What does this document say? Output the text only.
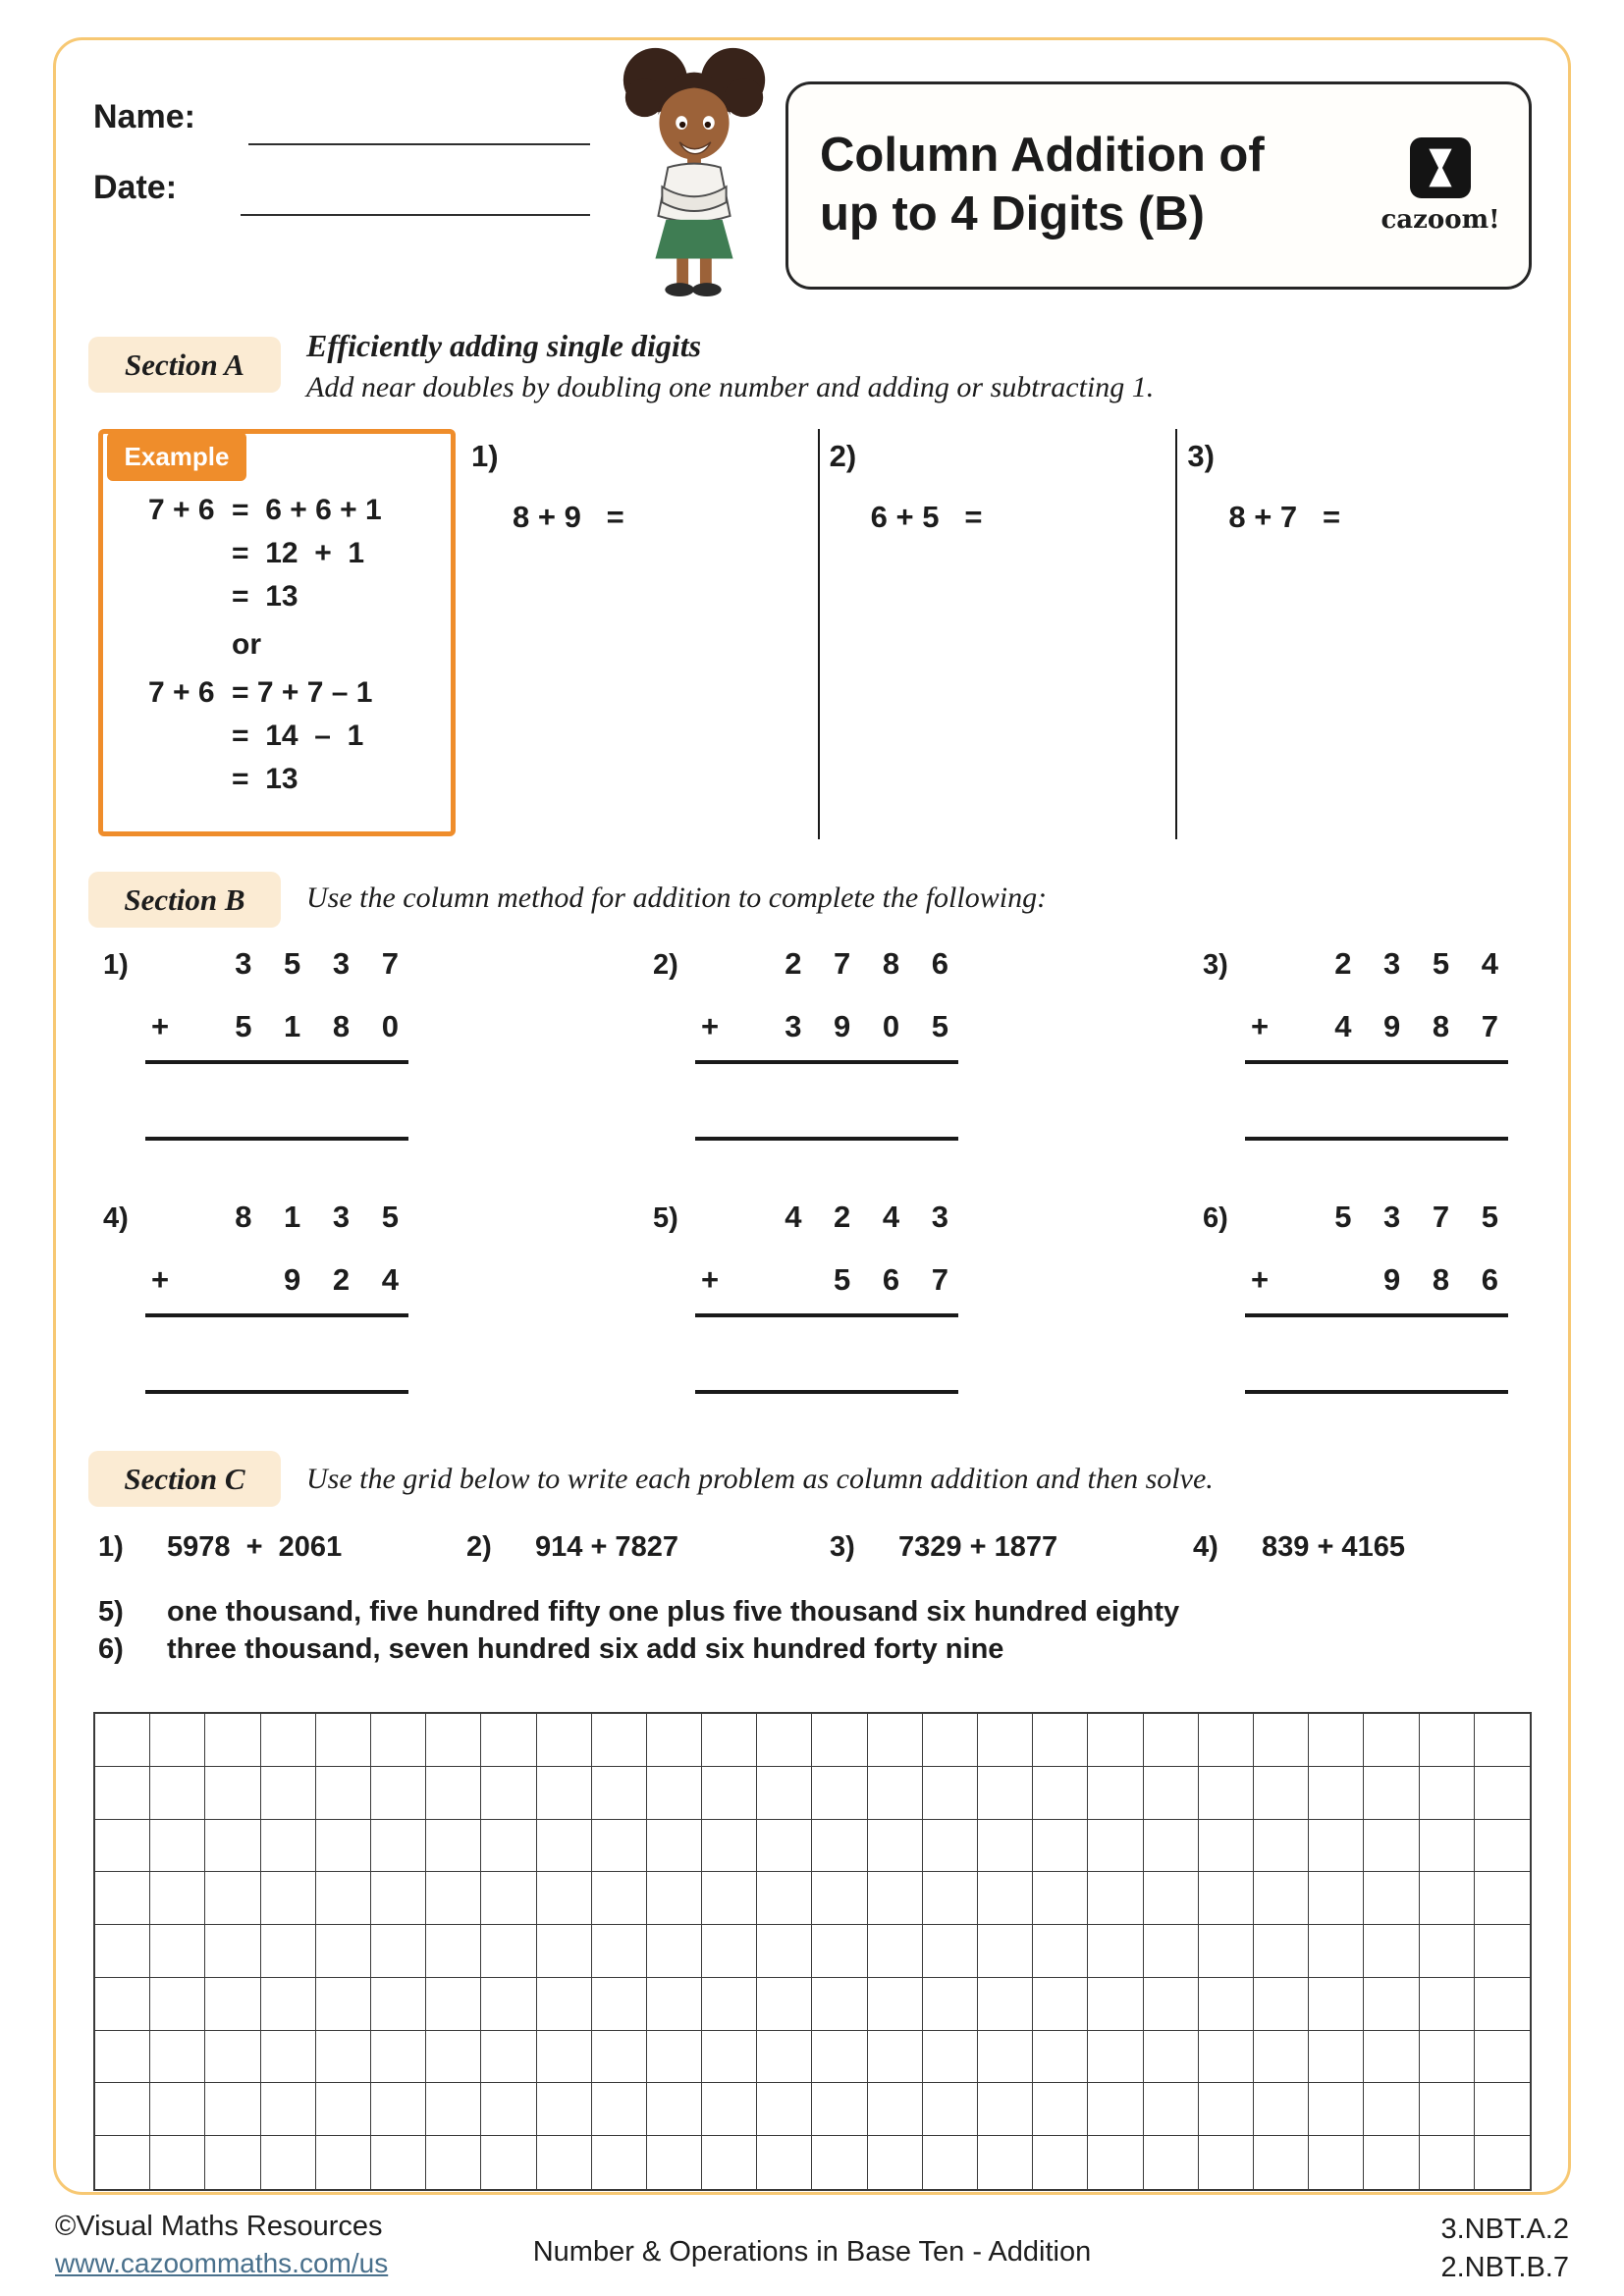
Name:
Date:
Column Addition of
up to 4 Digits (B)	cazoom!
Section A
Efficiently adding single digits
Add near doubles by doubling one number and adding or subtracting 1.
Example
7 + 6 =  6 + 6 + 1
=  12  +  1
=  13
or
7 + 6 = 7 + 7 – 1
=  14  –  1
=  13
1)
8 + 9   =
2)
6 + 5   =
3)
8 + 7   =
Section B	Use the column method for addition to complete the following:
1)	3 5 3 7
+ 5 1 8 0
2)	2 7 8 6
+ 3 9 0 5
3)	2 3 5 4
+ 4 9 8 7
4)	8 1 3 5
+	9 2 4
5)	4 2 4 3
+	5 6 7
6)	5 3 7 5
+	9 8 6
Section C	Use the grid below to write each problem as column addition and then solve.
1)	5978  +  2061	2)	914 + 7827	3)	7329 + 1877	4)	839 + 4165
5)	one thousand, five hundred fifty one plus five thousand six hundred eighty
6)	three thousand, seven hundred six add six hundred forty nine
©Visual Maths Resources
www.cazoommaths.com/us	Number & Operations in Base Ten - Addition
3.NBT.A.2
2.NBT.B.7
